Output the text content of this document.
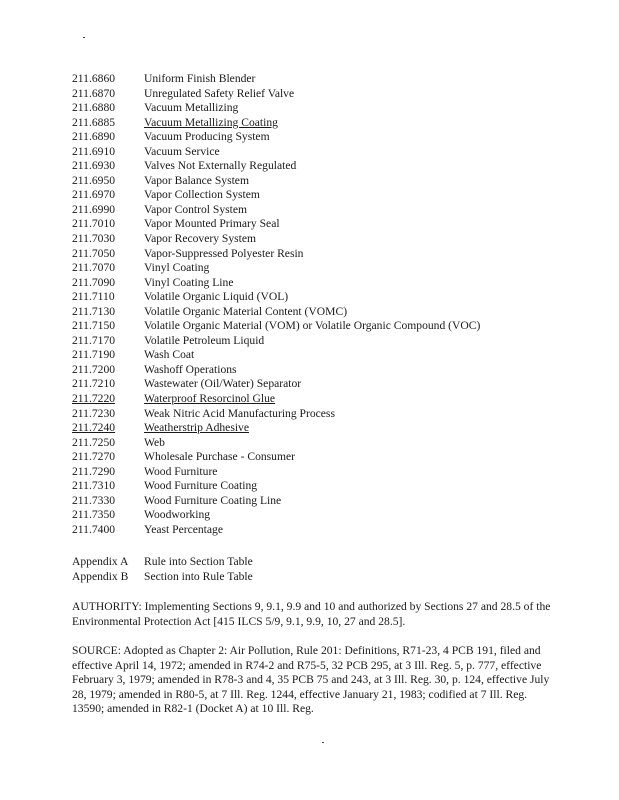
211.6860 Uniform Finish Blender
211.6870 Unregulated Safety Relief Valve
211.6880 Vacuum Metallizing
211.6885 Vacuum Metallizing Coating
211.6890 Vacuum Producing System
211.6910 Vacuum Service
211.6930 Valves Not Externally Regulated
211.6950 Vapor Balance System
211.6970 Vapor Collection System
211.6990 Vapor Control System
211.7010 Vapor Mounted Primary Seal
211.7030 Vapor Recovery System
211.7050 Vapor-Suppressed Polyester Resin
211.7070 Vinyl Coating
211.7090 Vinyl Coating Line
211.7110	Volatile Organic Liquid (VOL)
211.7130 Volatile Organic Material Content (VOMC)
211.7150 Volatile Organic Material (VOM) or Volatile Organic Compound (VOC)
211.7170 Volatile Petroleum Liquid
211.7190 Wash Coat
211.7200 Washoff Operations
211.7210 Wastewater (Oil/Water) Separator
211.7220 Waterproof Resorcinol Glue
211.7230 Weak Nitric Acid Manufacturing Process
211.7240 Weatherstrip Adhesive
211.7250 Web
211.7270 Wholesale Purchase - Consumer
211.7290 Wood Furniture
211.7310 Wood Furniture Coating
211.7330 Wood Furniture Coating Line
211.7350 Woodworking
211.7400 Yeast Percentage
Appendix A Rule into Section Table
Appendix B Section into Rule Table

AUTHORITY: Implementing Sections 9, 9.1, 9.9 and 10 and authorized by Sections 27 and 28.5 of the Environmental Protection Act [415 ILCS 5/9, 9.1, 9.9, 10, 27 and 28.5].

SOURCE: Adopted as Chapter 2: Air Pollution, Rule 201: Definitions, R71-23, 4 PCB 191, filed and effective April 14, 1972; amended in R74-2 and R75-5, 32 PCB 295, at 3 Ill. Reg. 5, p. 777, effective February 3, 1979; amended in R78-3 and 4, 35 PCB 75 and 243, at 3 Ill. Reg. 30, p. 124, effective July 28, 1979; amended in R80-5, at 7 Ill. Reg. 1244, effective January 21, 1983; codified at 7 Ill. Reg. 13590; amended in R82-1 (Docket A) at 10 Ill. Reg.
